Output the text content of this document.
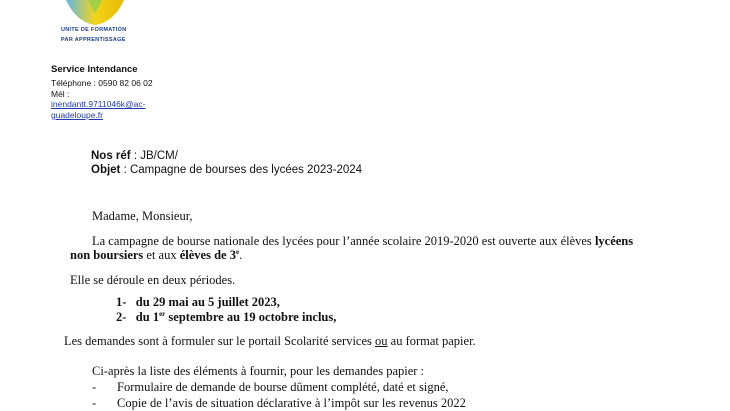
UNITE DE FORMATION
PAR APPRENTISSAGE
Service Intendance
Téléphone : 0590 82 06 02
Mél :
inendantt.9711046k@ac-
guadeloupe.fr
Nos réf : JB/CM/
Objet : Campagne de bourses des lycées 2023-2024
Madame, Monsieur,
La campagne de bourse nationale des lycées pour l’année scolaire 2019-2020 est ouverte aux élèves lycéens
non boursiers et aux élèves de 3e.
Elle se déroule en deux périodes.
1- du 29 mai au 5 juillet 2023,
2- du 1er septembre au 19 octobre inclus,
Les demandes sont à formuler sur le portail Scolarité services ou au format papier.
Ci-après la liste des éléments à fournir, pour les demandes papier :
- Formulaire de demande de bourse dûment complété, daté et signé,
- Copie de l’avis de situation déclarative à l’impôt sur les revenus 2022
